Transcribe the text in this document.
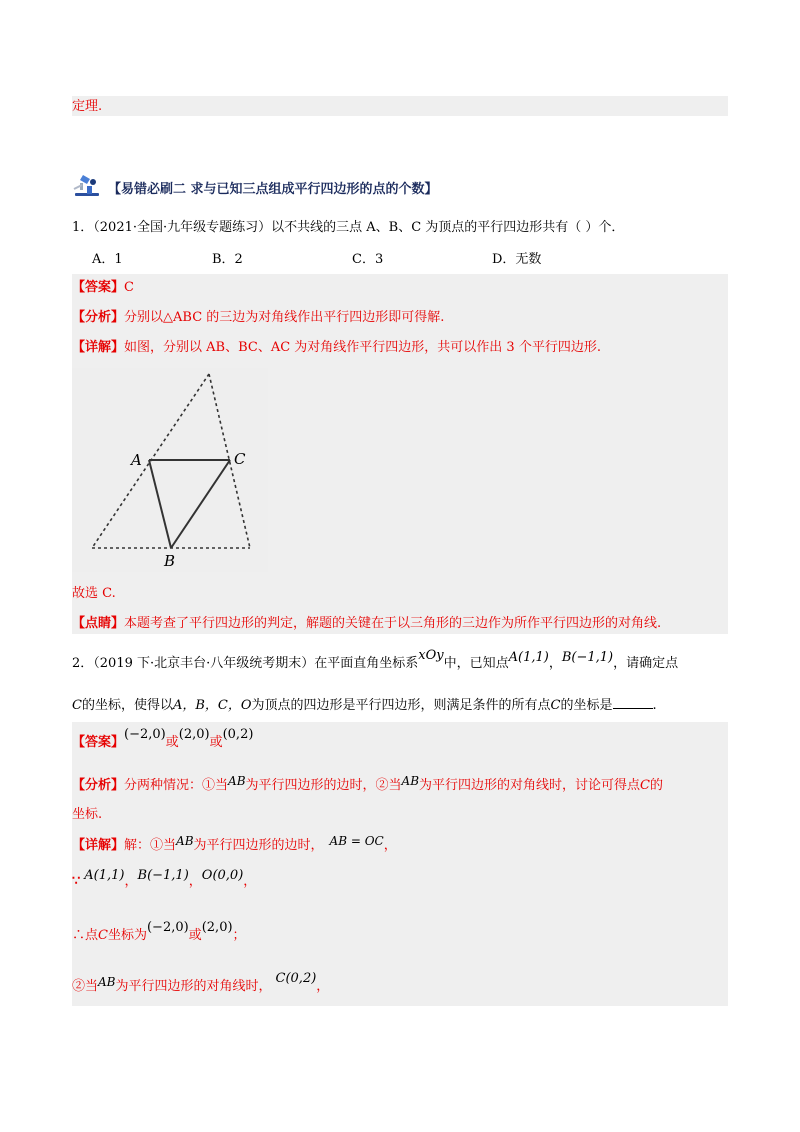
定理.
【易错必刷二 求与已知三点组成平行四边形的点的个数】
1．（2021·全国·九年级专题练习）以不共线的三点 A、B、C 为顶点的平行四边形共有（ ）个．
A．1	B．2	C．3	D．无数
【答案】C
【分析】分别以△ABC 的三边为对角线作出平行四边形即可得解.
【详解】如图，分别以 AB、BC、AC 为对角线作平行四边形，共可以作出 3 个平行四边形.
A	C
B
故选 C.
【点睛】本题考查了平行四边形的判定，解题的关键在于以三角形的三边作为所作平行四边形的对角线.
2．（2019 下·北京丰台·八年级统考期末）在平面直角坐标系xOy中，已知点A(1,1)，B(−1,1)，请确定点
C的坐标，使得以A，B，C，O为顶点的四边形是平行四边形，则满足条件的所有点C的坐标是	.
【答案】(−2,0)或(2,0)或(0,2)
【分析】分两种情况：①当AB为平行四边形的边时，②当AB为平行四边形的对角线时，讨论可得点C的
坐标.
【详解】解：①当AB为平行四边形的边时， AB = OC，
∵ A(1,1)，B(−1,1)，O(0,0)，
∴点C坐标为(−2,0)或(2,0)；
②当AB为平行四边形的对角线时，C(0,2)，
